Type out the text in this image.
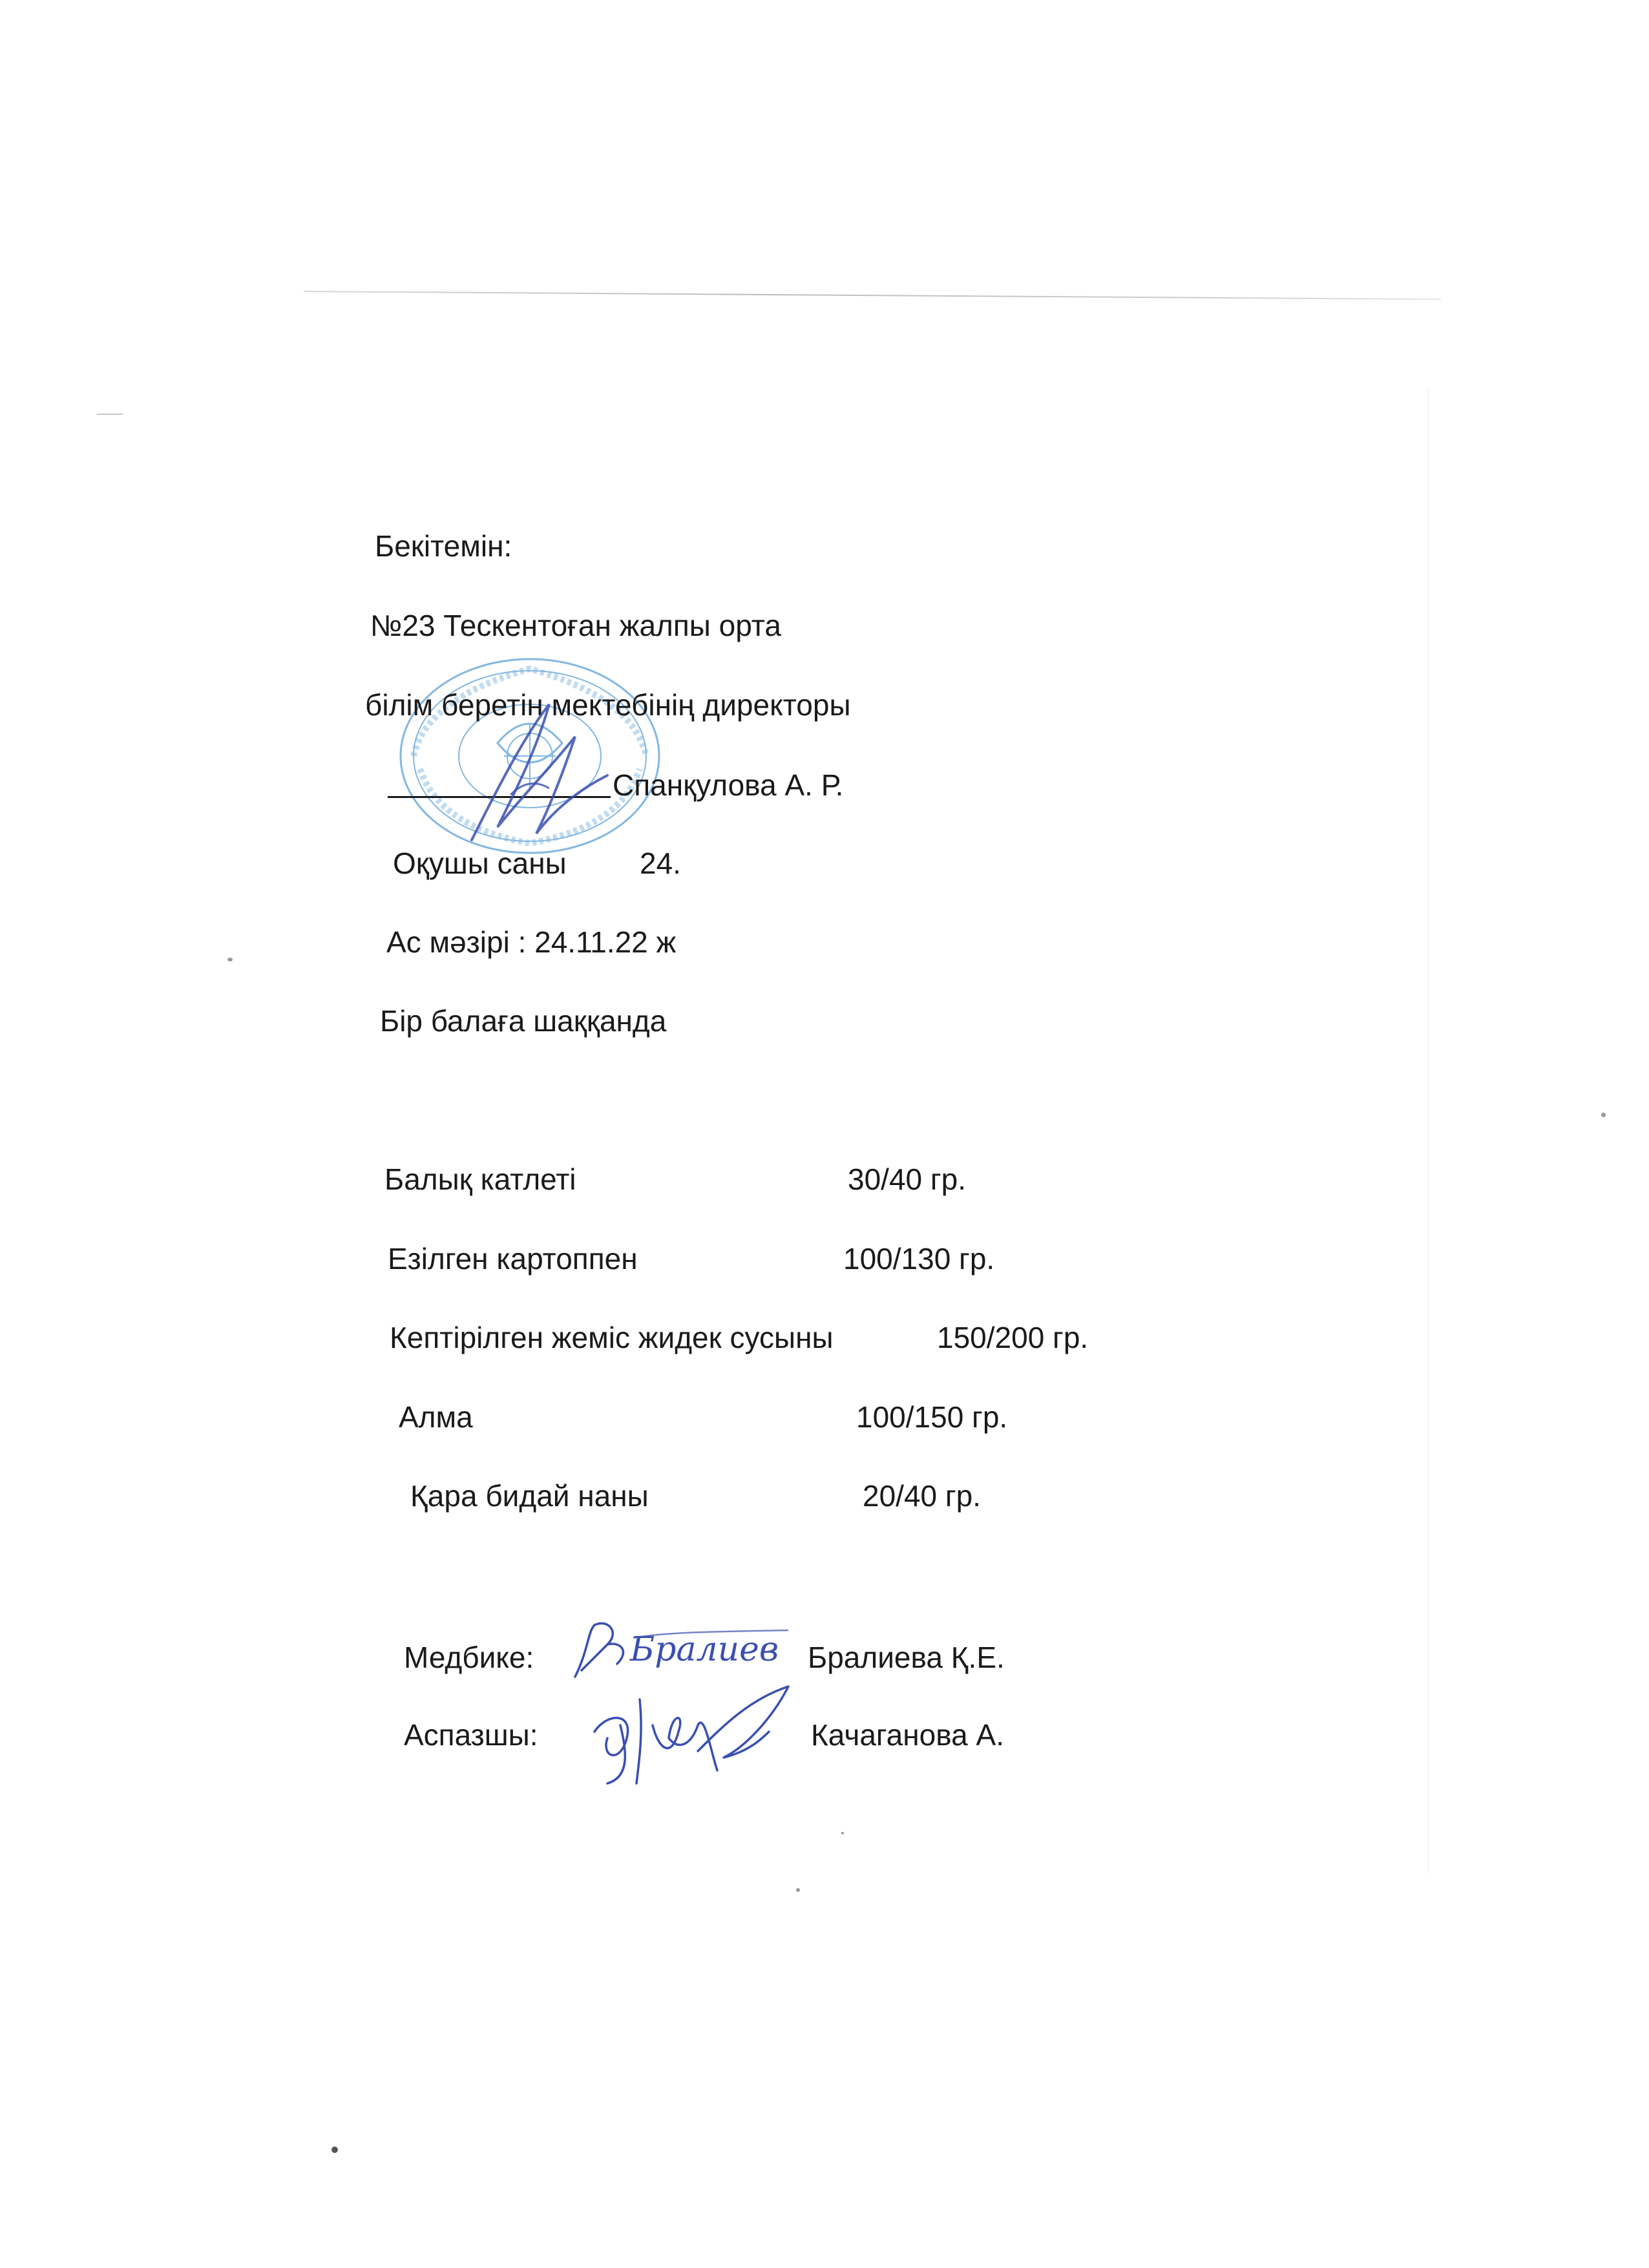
Бекітемін:
№23 Тескентоған жалпы орта
білім беретін мектебінің директоры
Спанқулова А. Р.
Оқушы саны 24.
Ас мәзірі : 24.11.22 ж
Бір балаға шаққанда
Балық катлеті	30/40 гр.
Езілген картоппен	100/130 гр.
Кептірілген жеміс жидек сусыны	150/200 гр.
Алма	100/150 гр.
Қара бидай наны	20/40 гр.
Медбике:	Бралиев Бралиева Қ.Е.
Аспазшы:	Качаганова А.
